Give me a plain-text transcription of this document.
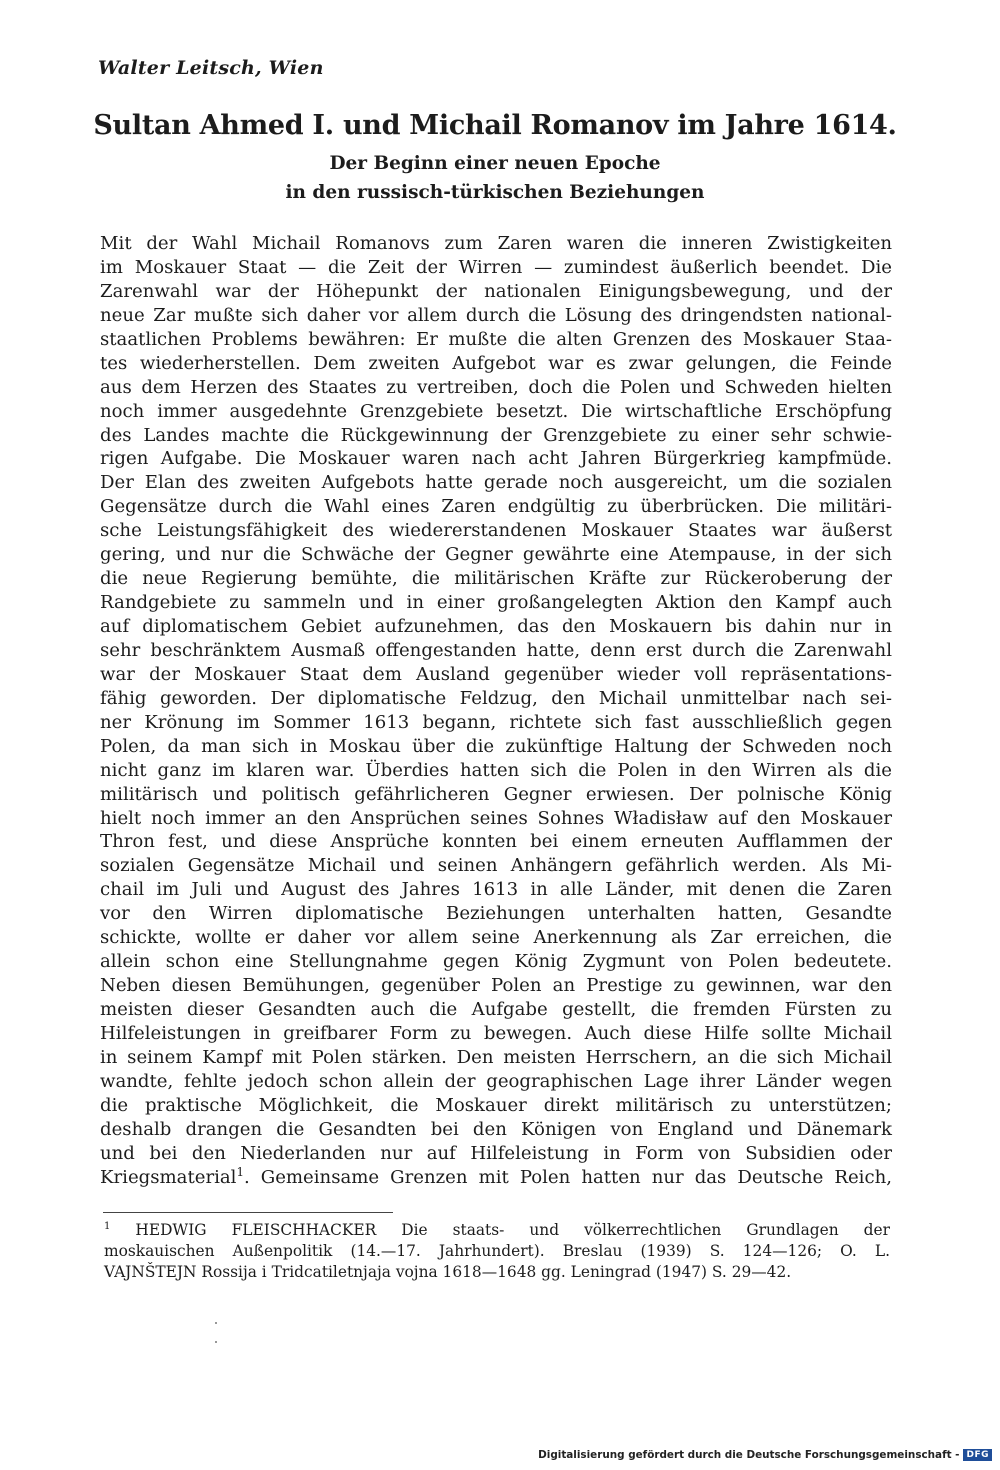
Walter Leitsch, Wien
Sultan Ahmed I. und Michail Romanov im Jahre 1614.
Der Beginn einer neuen Epoche
in den russisch-türkischen Beziehungen
Mit der Wahl Michail Romanovs zum Zaren waren die inneren Zwistigkeiten
im Moskauer Staat — die Zeit der Wirren — zumindest äußerlich beendet. Die
Zarenwahl war der Höhepunkt der nationalen Einigungsbewegung, und der
neue Zar mußte sich daher vor allem durch die Lösung des dringendsten national-
staatlichen Problems bewähren: Er mußte die alten Grenzen des Moskauer Staa-
tes wiederherstellen. Dem zweiten Aufgebot war es zwar gelungen, die Feinde
aus dem Herzen des Staates zu vertreiben, doch die Polen und Schweden hielten
noch immer ausgedehnte Grenzgebiete besetzt. Die wirtschaftliche Erschöpfung
des Landes machte die Rückgewinnung der Grenzgebiete zu einer sehr schwie-
rigen Aufgabe. Die Moskauer waren nach acht Jahren Bürgerkrieg kampfmüde.
Der Elan des zweiten Aufgebots hatte gerade noch ausgereicht, um die sozialen
Gegensätze durch die Wahl eines Zaren endgültig zu überbrücken. Die militäri-
sche Leistungsfähigkeit des wiedererstandenen Moskauer Staates war äußerst
gering, und nur die Schwäche der Gegner gewährte eine Atempause, in der sich
die neue Regierung bemühte, die militärischen Kräfte zur Rückeroberung der
Randgebiete zu sammeln und in einer großangelegten Aktion den Kampf auch
auf diplomatischem Gebiet aufzunehmen, das den Moskauern bis dahin nur in
sehr beschränktem Ausmaß offengestanden hatte, denn erst durch die Zarenwahl
war der Moskauer Staat dem Ausland gegenüber wieder voll repräsentations-
fähig geworden. Der diplomatische Feldzug, den Michail unmittelbar nach sei-
ner Krönung im Sommer 1613 begann, richtete sich fast ausschließlich gegen
Polen, da man sich in Moskau über die zukünftige Haltung der Schweden noch
nicht ganz im klaren war. Überdies hatten sich die Polen in den Wirren als die
militärisch und politisch gefährlicheren Gegner erwiesen. Der polnische König
hielt noch immer an den Ansprüchen seines Sohnes Władisław auf den Moskauer
Thron fest, und diese Ansprüche konnten bei einem erneuten Aufflammen der
sozialen Gegensätze Michail und seinen Anhängern gefährlich werden. Als Mi-
chail im Juli und August des Jahres 1613 in alle Länder, mit denen die Zaren
vor den Wirren diplomatische Beziehungen unterhalten hatten, Gesandte
schickte, wollte er daher vor allem seine Anerkennung als Zar erreichen, die
allein schon eine Stellungnahme gegen König Zygmunt von Polen bedeutete.
Neben diesen Bemühungen, gegenüber Polen an Prestige zu gewinnen, war den
meisten dieser Gesandten auch die Aufgabe gestellt, die fremden Fürsten zu
Hilfeleistungen in greifbarer Form zu bewegen. Auch diese Hilfe sollte Michail
in seinem Kampf mit Polen stärken. Den meisten Herrschern, an die sich Michail
wandte, fehlte jedoch schon allein der geographischen Lage ihrer Länder wegen
die praktische Möglichkeit, die Moskauer direkt militärisch zu unterstützen;
deshalb drangen die Gesandten bei den Königen von England und Dänemark
und bei den Niederlanden nur auf Hilfeleistung in Form von Subsidien oder
Kriegsmaterial$^1$. Gemeinsame Grenzen mit Polen hatten nur das Deutsche Reich,
$^1$ HEDWIG FLEISCHHACKER Die staats- und völkerrechtlichen Grundlagen der
moskauischen Außenpolitik (14.—17. Jahrhundert). Breslau (1939) S. 124—126; O. L.
VAJNŠTEJN Rossija i Tridcatiletnjaja vojna 1618—1648 gg. Leningrad (1947) S. 29—42.
Digitalisierung gefördert durch die Deutsche Forschungsgemeinschaft - DFG
